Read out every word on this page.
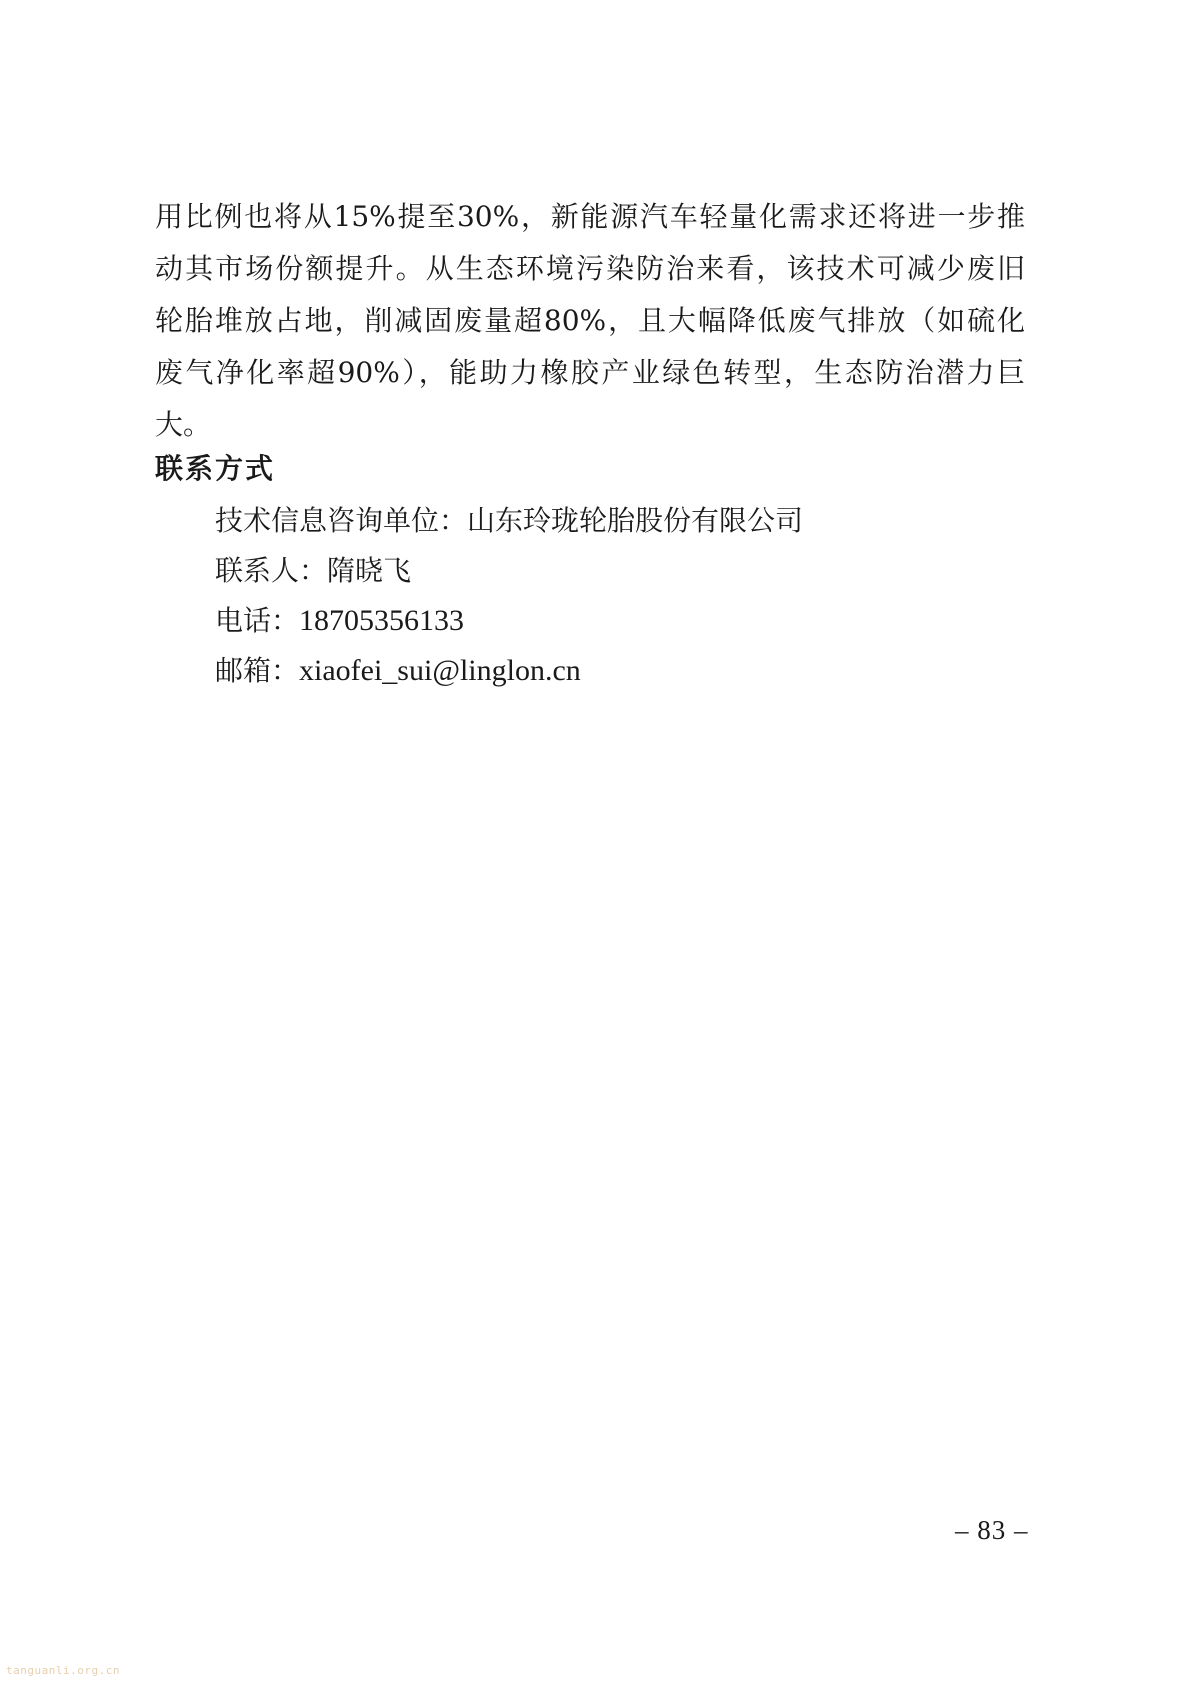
用比例也将从15%提至30%，新能源汽车轻量化需求还将进一步推
动其市场份额提升。从生态环境污染防治来看，该技术可减少废旧
轮胎堆放占地，削减固废量超80%，且大幅降低废气排放（如硫化
废气净化率超90%），能助力橡胶产业绿色转型，生态防治潜力巨
大。
联系方式
技术信息咨询单位：山东玲珑轮胎股份有限公司
联系人：隋晓飞
电话：18705356133
邮箱：xiaofei_sui@linglon.cn
– 83 –
tanguanli.org.cn
